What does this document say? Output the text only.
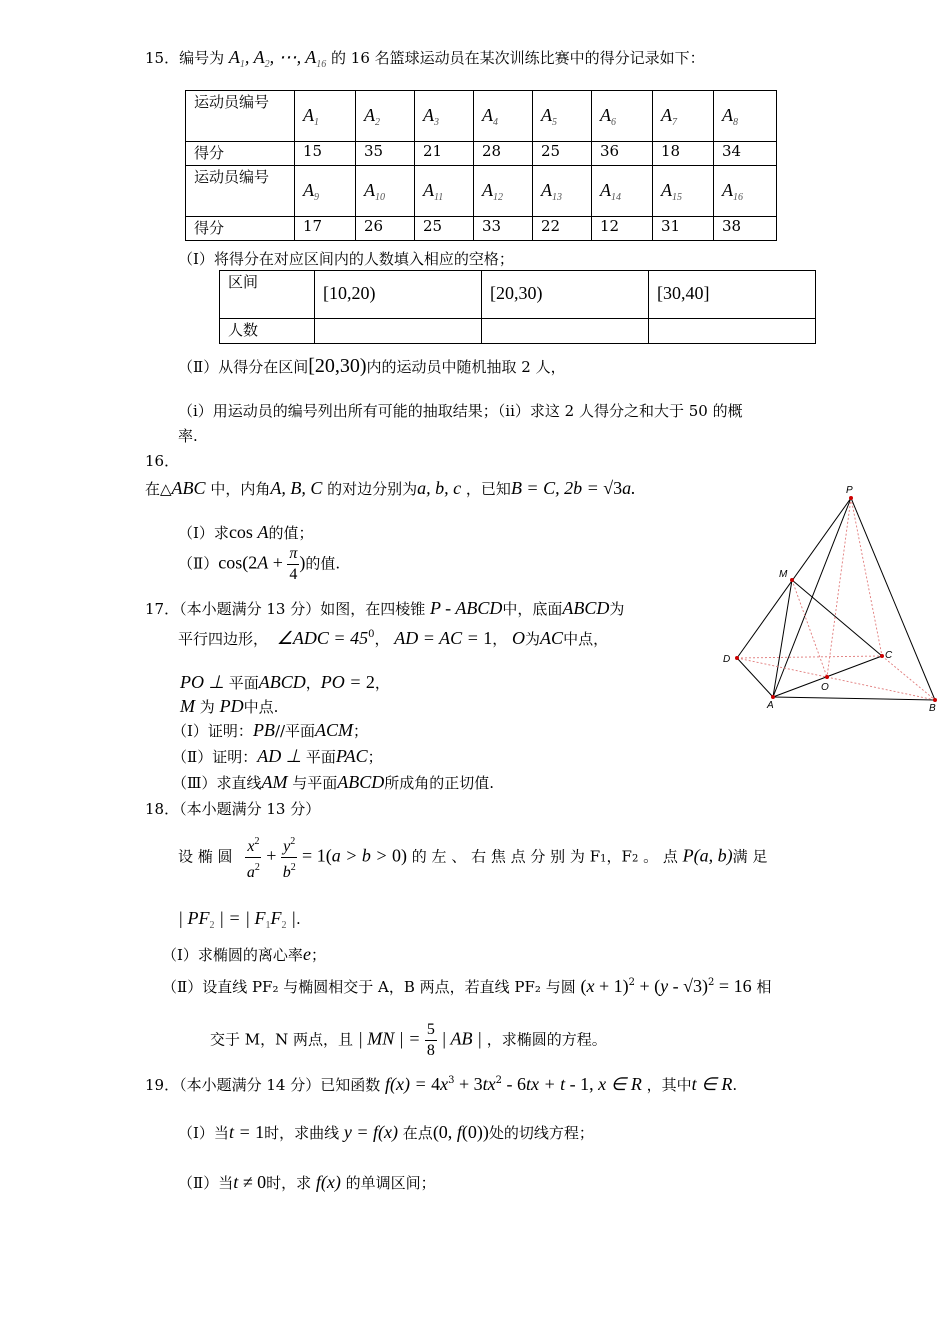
15．编号为 $A_1$, $A_2$, ⋯, $A_{16}$ 的 16 名篮球运动员在某次训练比赛中的得分记录如下：
运动员编号	$A_1$	$A_2$	$A_3$	$A_4$	$A_5$	$A_6$	$A_7$	$A_8$
得分	15	35	21	28	25	36	18	34
运动员编号	$A_9$	$A_{10}$	$A_{11}$	$A_{12}$	$A_{13}$	$A_{14}$	$A_{15}$	$A_{16}$
得分	17	26	25	33	22	12	31	38
（Ⅰ）将得分在对应区间内的人数填入相应的空格；
区间	[10,20)	[20,30)	[30,40]
人数			
（Ⅱ）从得分在区间[20,30)内的运动员中随机抽取 2 人，
（i）用运动员的编号列出所有可能的抽取结果；（ii）求这 2 人得分之和大于 50 的概
率.
16．
在△ABC 中，内角A, B, C 的对边分别为a, b, c ，已知B = C, 2b = √3a.
（Ⅰ）求cos A的值；
（Ⅱ）cos(2A + $\frac{\pi}{4}$ )的值.
17．（本小题满分 13 分）如图，在四棱锥 P - ABCD中，底面ABCD为
平行四边形， ∠ADC = $45^0$， AD = AC = 1， O为AC中点，
PO ⊥ 平面ABCD，PO = 2，
M 为 PD中点.
（Ⅰ）证明：PB//平面ACM；
（Ⅱ）证明：AD ⊥ 平面PAC；
（Ⅲ）求直线AM 与平面ABCD所成角的正切值.
18．（本小题满分 13 分）
设 椭 圆 $\frac{x^2}{a^2} + \frac{y^2}{b^2} = 1(a > b > 0)$ 的 左 、 右 焦 点 分 别 为 F1，F2 。 点 P(a, b)满 足
| $PF_2$ | = | $F_1F_2$ |.
（Ⅰ）求椭圆的离心率e；
（Ⅱ）设直线 PF₂ 与椭圆相交于 A，B 两点，若直线 PF₂ 与圆 $(x + 1)^2 + (y - √3)^2 = 16$ 相
交于 M，N 两点，且 | MN | = $\frac{5}{8}$ | AB | ，求椭圆的方程。
19．（本小题满分 14 分）已知函数 $f(x) = 4x^3 + 3tx^2 - 6tx + t - 1$, x ∈ R ，其中t ∈ R.
（Ⅰ）当t = 1时，求曲线 y = f(x) 在点(0, f(0))处的切线方程；
（Ⅱ）当t ≠ 0时，求 f(x) 的单调区间；
P
M
D
O
A
C
B
